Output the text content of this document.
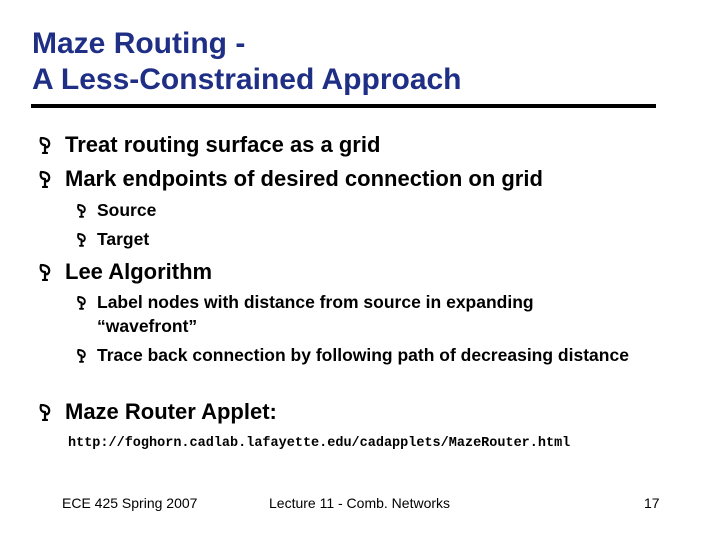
Maze Routing -
A Less-Constrained Approach
Treat routing surface as a grid
Mark endpoints of desired connection on grid
Source
Target
Lee Algorithm
Label nodes with distance from source in expanding “wavefront”
Trace back connection by following path of decreasing distance
Maze Router Applet:
http://foghorn.cadlab.lafayette.edu/cadapplets/MazeRouter.html
ECE 425 Spring 2007	Lecture 11 - Comb. Networks	17
